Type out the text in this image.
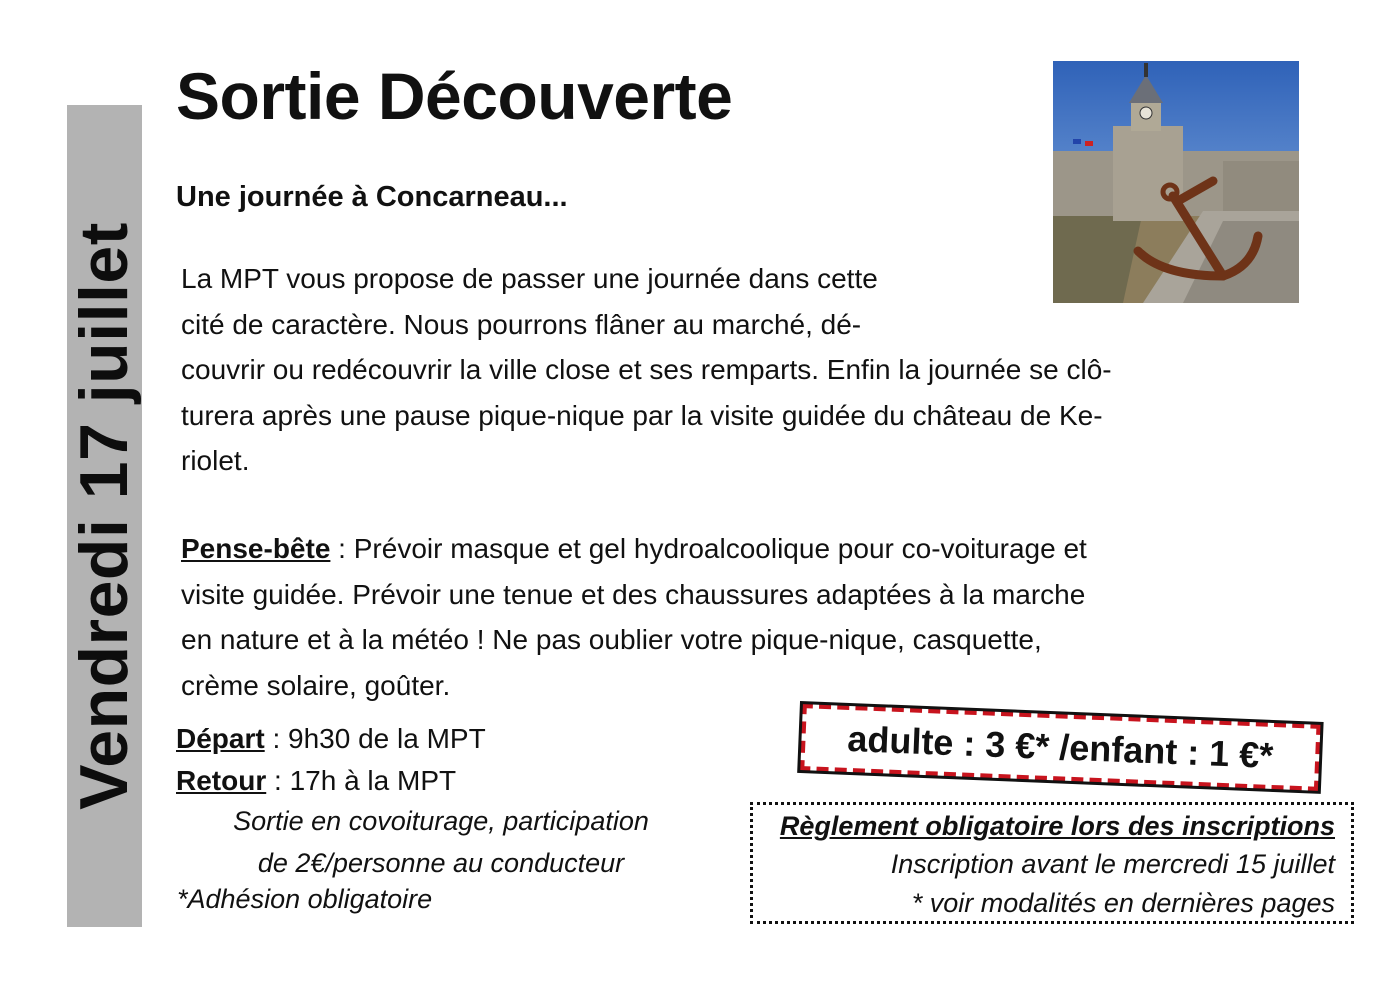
Vendredi 17 juillet
Sortie Découverte
Une journée à Concarneau...
La MPT vous propose de passer une journée dans cette
cité de caractère. Nous pourrons flâner au marché, dé-
couvrir ou redécouvrir la ville close et ses remparts. Enfin la journée se clô-
turera après une pause pique-nique par la visite guidée du château de Ke-
riolet.
Pense-bête : Prévoir masque et gel hydroalcoolique pour co-voiturage et
visite guidée. Prévoir une tenue et des chaussures adaptées à la marche
en nature et à la météo ! Ne pas oublier votre pique-nique, casquette,
crème solaire, goûter.
Départ : 9h30 de la MPT
Retour : 17h à la MPT
Sortie en covoiturage, participation
de 2€/personne au conducteur
*Adhésion obligatoire
adulte : 3 €* /enfant : 1 €*
Règlement obligatoire lors des inscriptions
Inscription avant le mercredi 15 juillet
* voir modalités en dernières pages
